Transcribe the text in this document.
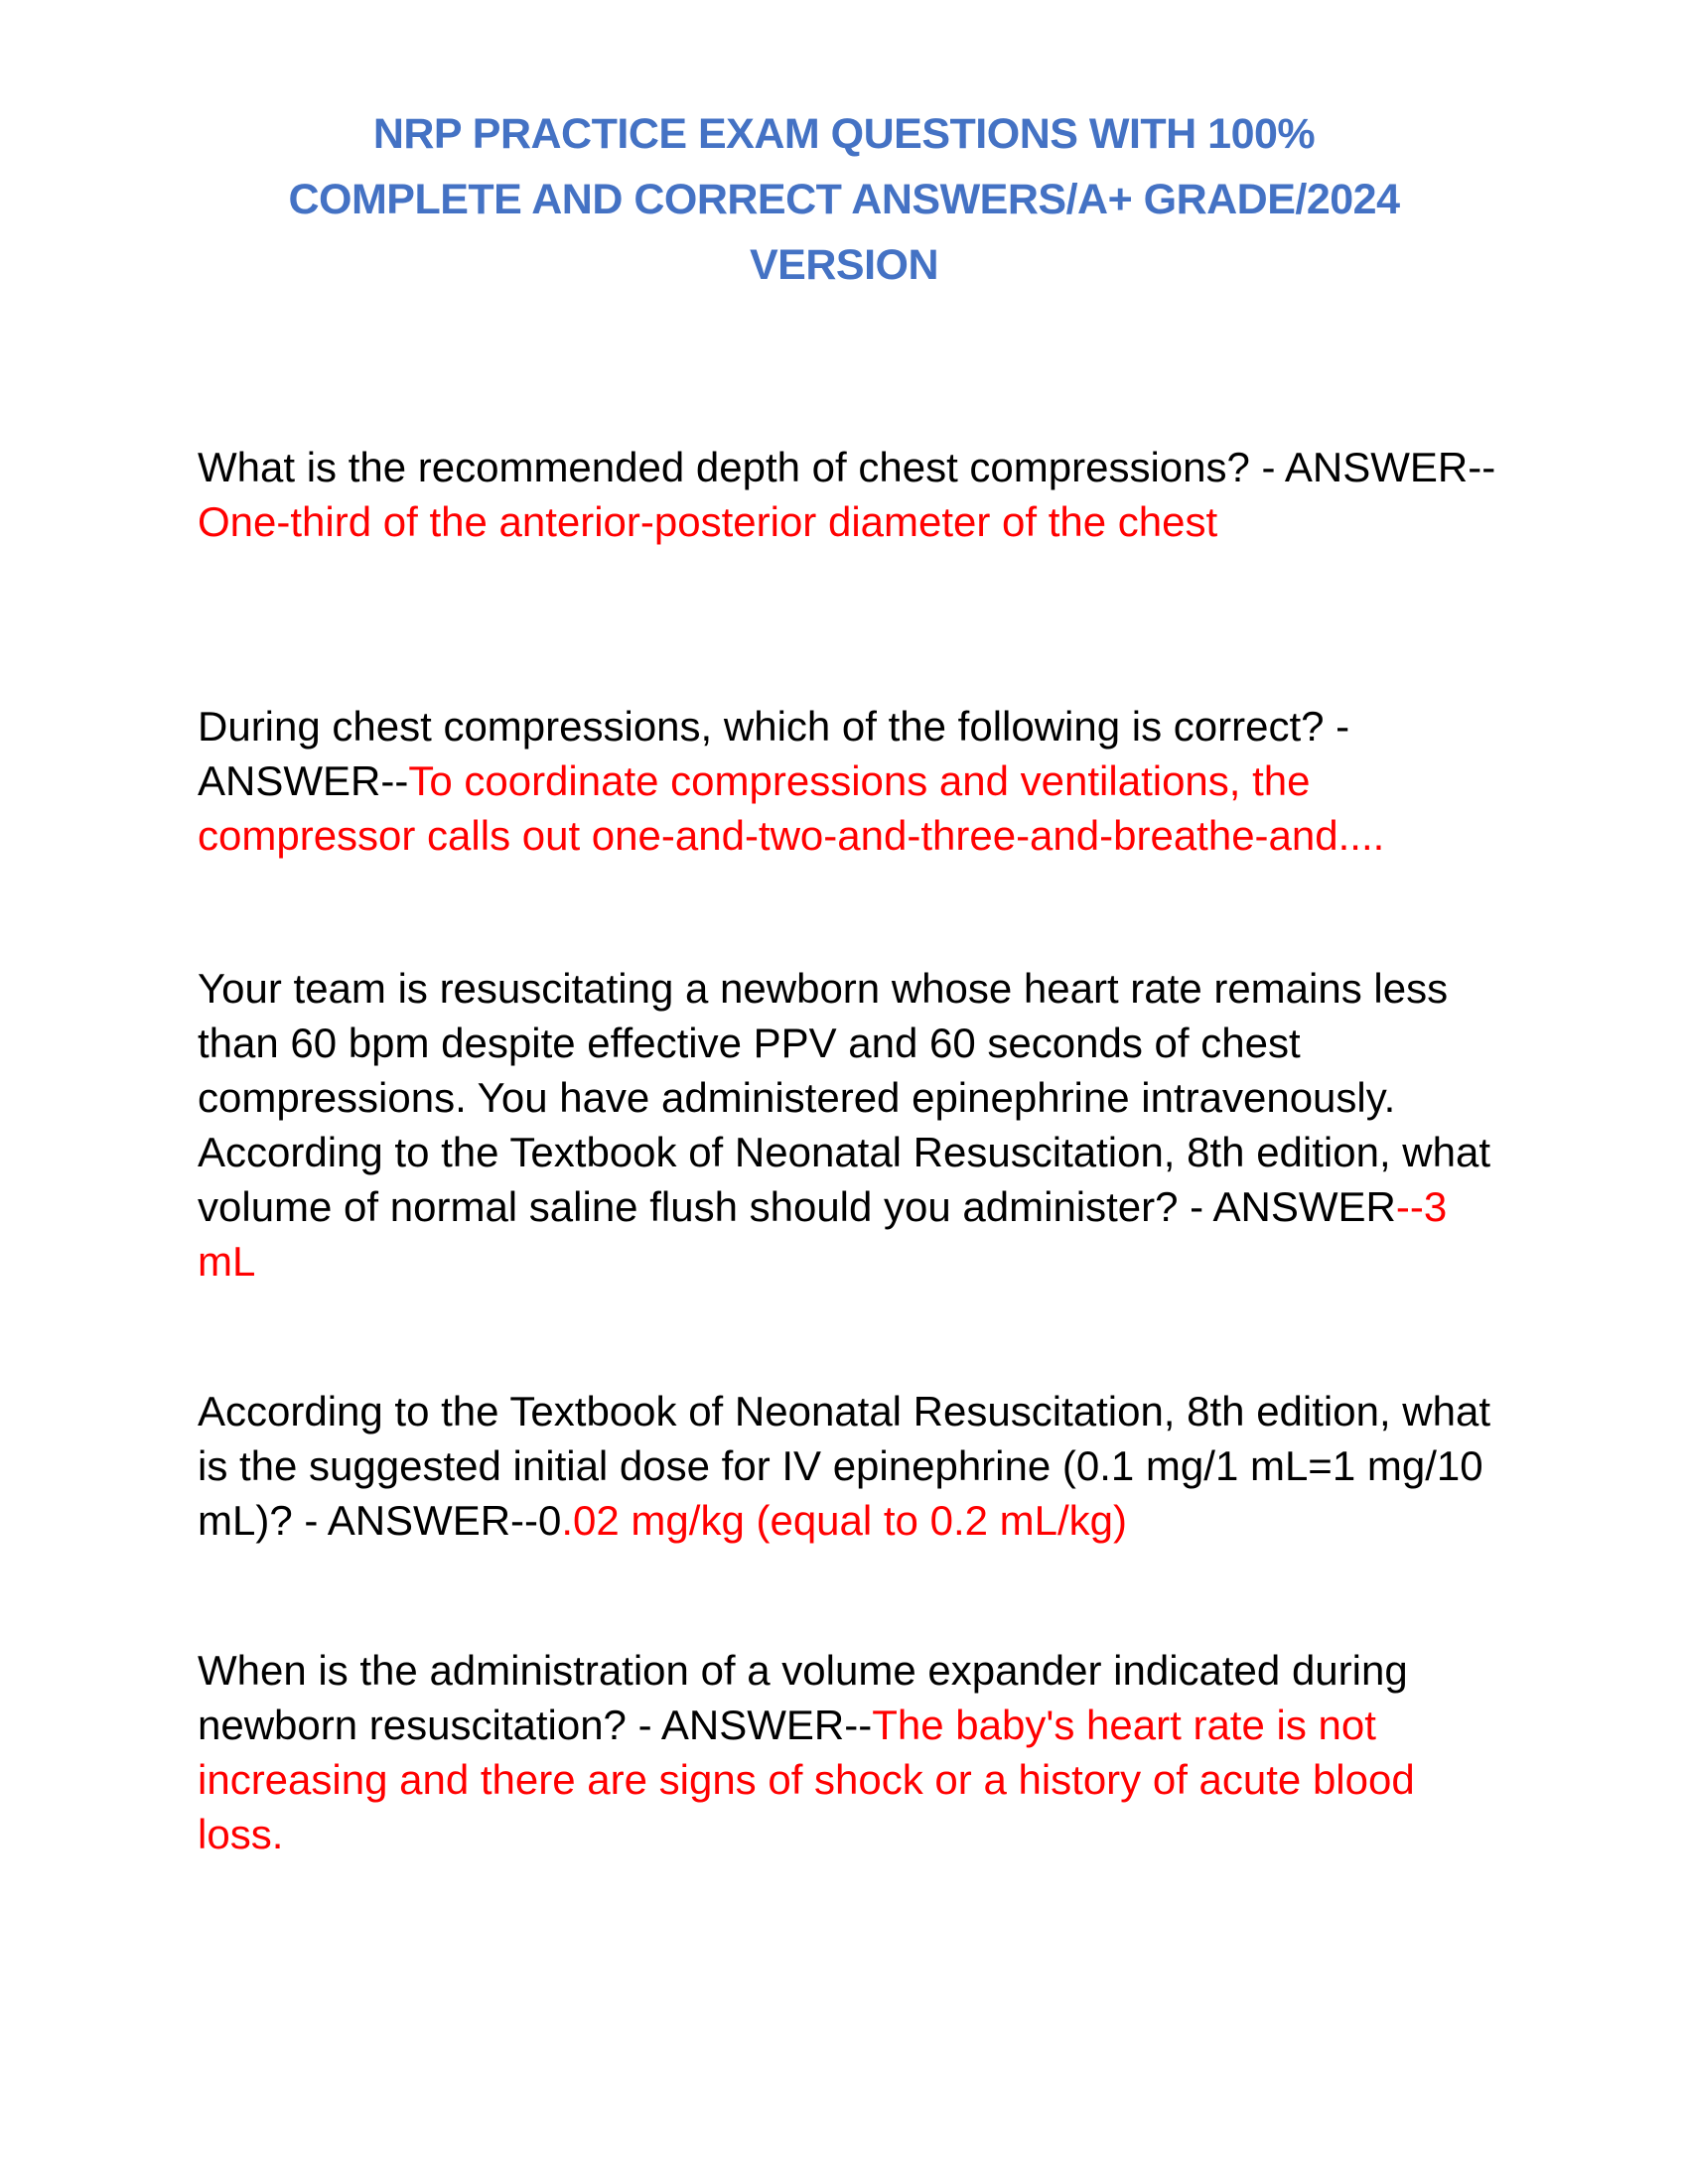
NRP PRACTICE EXAM QUESTIONS WITH 100%
COMPLETE AND CORRECT ANSWERS/A+ GRADE/2024
VERSION
What is the recommended depth of chest compressions? - ANSWER--One-third of the anterior-posterior diameter of the chest
During chest compressions, which of the following is correct? - ANSWER--To coordinate compressions and ventilations, the compressor calls out one-and-two-and-three-and-breathe-and....
Your team is resuscitating a newborn whose heart rate remains less than 60 bpm despite effective PPV and 60 seconds of chest compressions. You have administered epinephrine intravenously. According to the Textbook of Neonatal Resuscitation, 8th edition, what volume of normal saline flush should you administer? - ANSWER--3 mL
According to the Textbook of Neonatal Resuscitation, 8th edition, what is the suggested initial dose for IV epinephrine (0.1 mg/1 mL=1 mg/10 mL)? - ANSWER--0.02 mg/kg (equal to 0.2 mL/kg)
When is the administration of a volume expander indicated during newborn resuscitation? - ANSWER--The baby's heart rate is not increasing and there are signs of shock or a history of acute blood loss.
